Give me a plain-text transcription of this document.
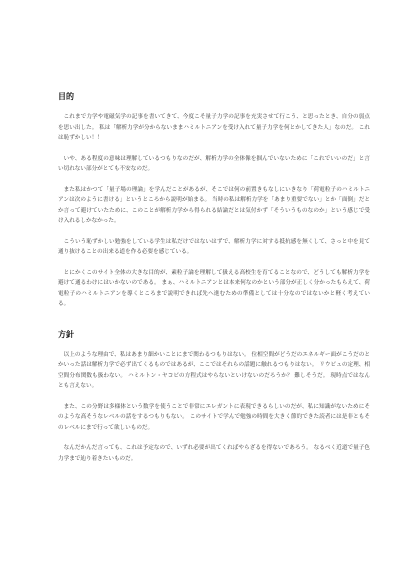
目的

これまで力学や電磁気学の記事を書いてきて、今度こそ量子力学の記事を充実させて行こう、と思ったとき、自分の弱点を思い出した。 私は「解析力学が分からないままハミルトニアンを受け入れて量子力学を何とかしてきた人」なのだ。 これは恥ずかしい！！

いや、ある程度の意味は理解しているつもりなのだが、解析力学の全体像を掴んでいないために「これでいいのだ」と言い切れない部分がとても不安なのだ。

また私はかつて「量子場の理論」を学んだことがあるが、そこでは何の前置きもなしにいきなり「荷電粒子のハミルトニアンは次のように書ける」というところから説明が始まる。 当時の私は解析力学を「あまり重要でない」とか「面倒」だとか言って避けていたために、このことが解析力学から得られる結論だとは気付かず「そういうものなのか」という感じで受け入れるしかなかった。

こういう恥ずかしい勉強をしている学生は私だけではないはずで、解析力学に対する抵抗感を無くして、さっと中を見て通り抜けることの出来る道を作る必要を感じている。

とにかくこのサイト全体の大きな目的が、素粒子論を理解して扱える高校生を育てることなので、どうしても解析力学を避けて通るわけにはいかないのである。 まぁ、ハミルトニアンとは本来何なのかという部分が正しく分かったもらえて、荷電粒子のハミルトニアンを導くところまで説明できれば先へ進むための準備としては十分なのではないかと軽く考えている。

方針

以上のような理由で、私はあまり細かいことにまで関わるつもりはない。 位相空間がどうだのエネルギー面がこうだのとかいった話は解析力学で必ず出てくるものではあるが、ここではそれらの話題に触れるつもりはない。 リウビュの定理、相空間分布関数も扱わない。 ハミルトン・ヤコビの方程式はやらないといけないのだろうか？ 難しそうだ。 現時点ではなんとも言えない。

また、この分野は多様体という数学を使うことで非常にエレガントに表現できるらしいのだが、私に知識がないためにそのような高そうなレベルの話をするつもりもない。 このサイトで学んで勉強の時間を大きく節約できた読者には是非ともそのレベルにまで行って欲しいものだ。

なんだかんだ言っても、これは予定なので、いずれ必要が出てくればやらざるを得ないであろう。 なるべく近道で量子色力学まで辿り着きたいものだ。
